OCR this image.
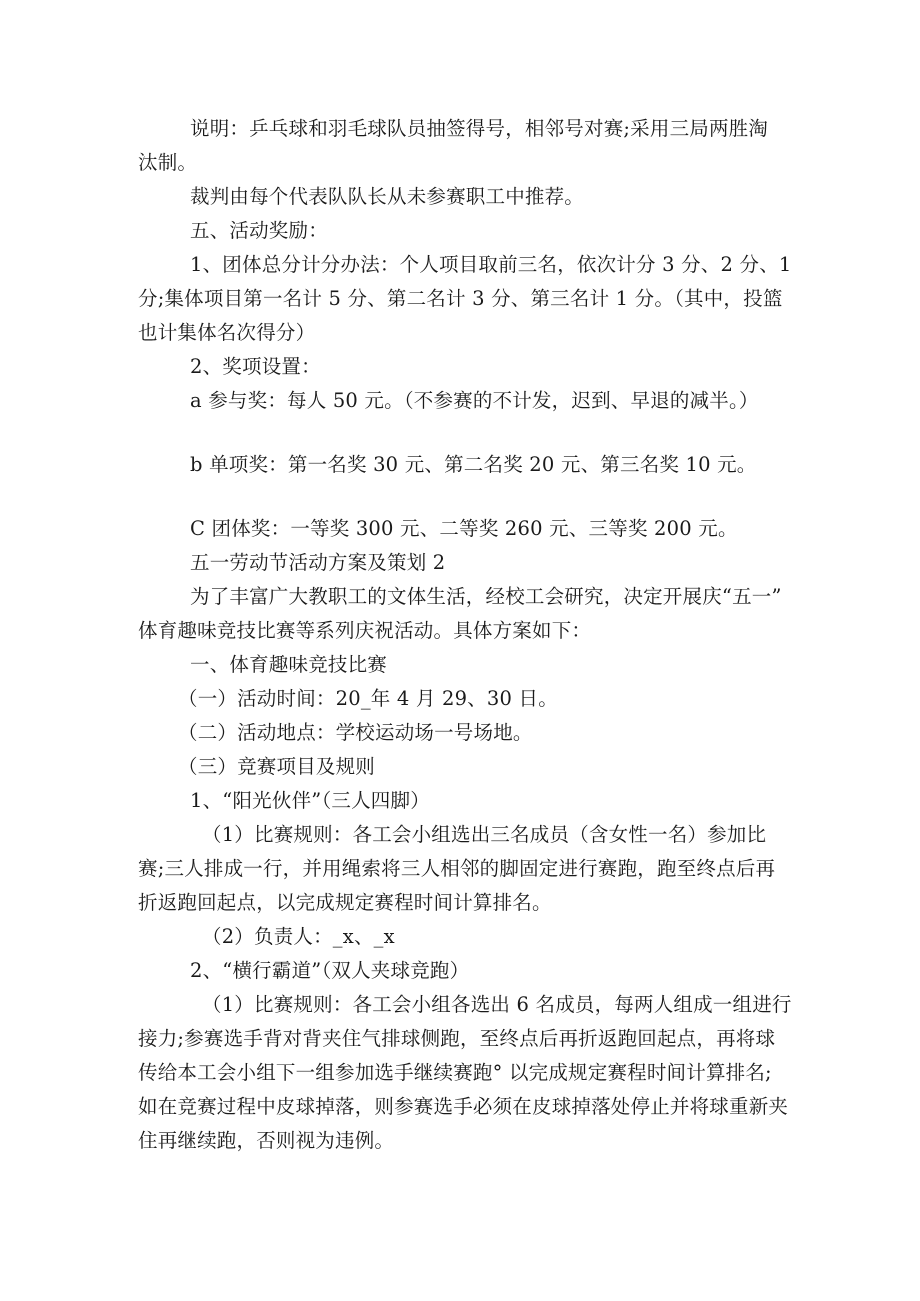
说明：乒乓球和羽毛球队员抽签得号，相邻号对赛;采用三局两胜淘
汰制。
裁判由每个代表队队长从未参赛职工中推荐。
五、活动奖励：
1、团体总分计分办法：个人项目取前三名，依次计分 3 分、2 分、1
分;集体项目第一名计 5 分、第二名计 3 分、第三名计 1 分。（其中，投篮
也计集体名次得分）
2、奖项设置：
a 参与奖：每人 50 元。（不参赛的不计发，迟到、早退的减半。）
b 单项奖：第一名奖 30 元、第二名奖 20 元、第三名奖 10 元。
C 团体奖：一等奖 300 元、二等奖 260 元、三等奖 200 元。
五一劳动节活动方案及策划 2
为了丰富广大教职工的文体生活，经校工会研究，决定开展庆“五一”
体育趣味竞技比赛等系列庆祝活动。具体方案如下：
一、体育趣味竞技比赛
（一）活动时间：20_年 4 月 29、30 日。
（二）活动地点：学校运动场一号场地。
（三）竞赛项目及规则
1、“阳光伙伴”（三人四脚）
（1）比赛规则：各工会小组选出三名成员（含女性一名）参加比
赛;三人排成一行，并用绳索将三人相邻的脚固定进行赛跑，跑至终点后再
折返跑回起点，以完成规定赛程时间计算排名。
（2）负责人：_x、_x
2、“横行霸道”（双人夹球竞跑）
（1）比赛规则：各工会小组各选出 6 名成员，每两人组成一组进行
接力;参赛选手背对背夹住气排球侧跑，至终点后再折返跑回起点，再将球
传给本工会小组下一组参加选手继续赛跑° 以完成规定赛程时间计算排名;
如在竞赛过程中皮球掉落，则参赛选手必须在皮球掉落处停止并将球重新夹
住再继续跑，否则视为违例。
